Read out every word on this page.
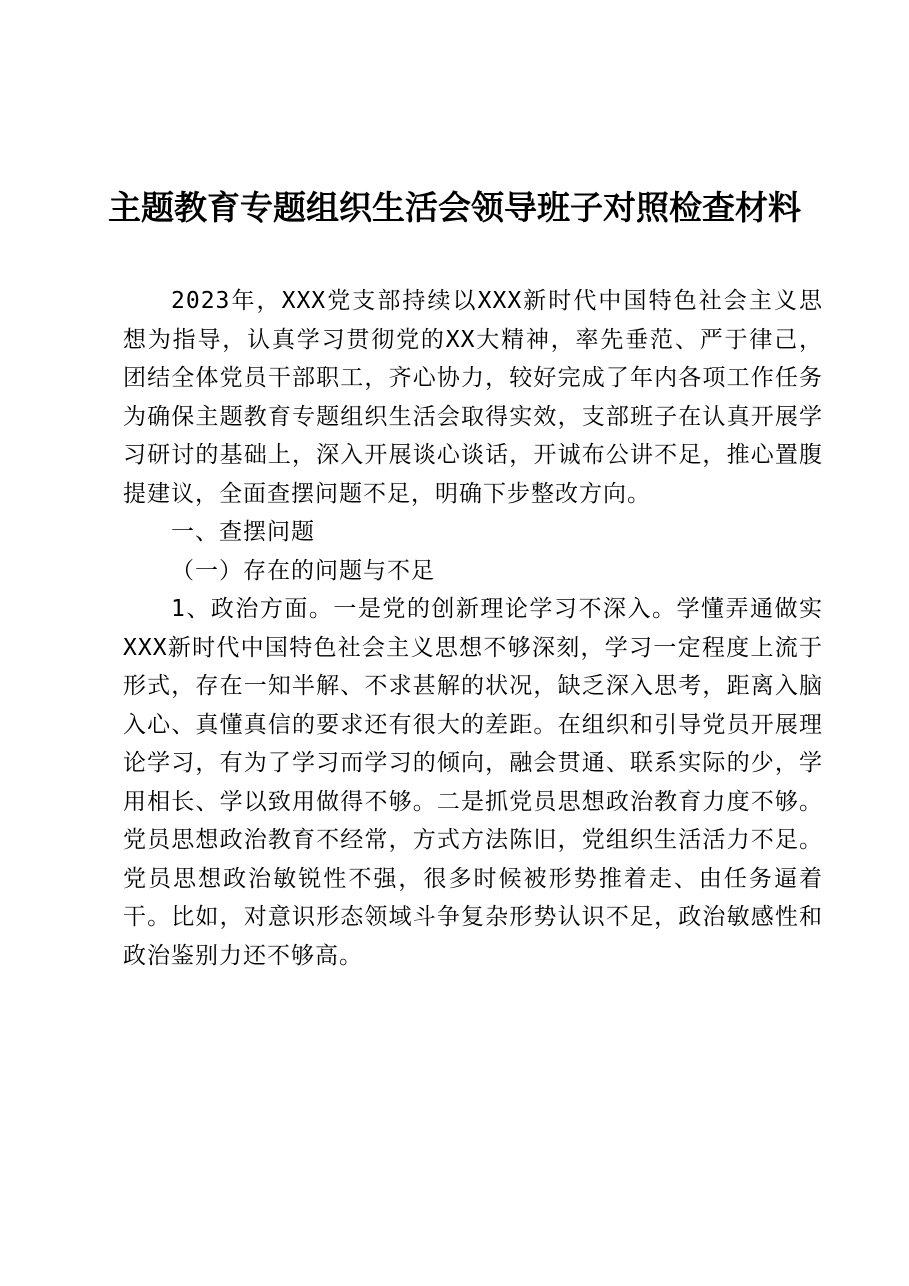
主题教育专题组织生活会领导班子对照检查材料

2023年，XXX党支部持续以XXX新时代中国特色社会主义思想为指导，认真学习贯彻党的XX大精神，率先垂范、严于律己，团结全体党员干部职工，齐心协力，较好完成了年内各项工作任务为确保主题教育专题组织生活会取得实效，支部班子在认真开展学习研讨的基础上，深入开展谈心谈话，开诚布公讲不足，推心置腹提建议，全面查摆问题不足，明确下步整改方向。

一、查摆问题

（一）存在的问题与不足

1、政治方面。一是党的创新理论学习不深入。学懂弄通做实XXX新时代中国特色社会主义思想不够深刻，学习一定程度上流于形式，存在一知半解、不求甚解的状况，缺乏深入思考，距离入脑入心、真懂真信的要求还有很大的差距。在组织和引导党员开展理论学习，有为了学习而学习的倾向，融会贯通、联系实际的少，学用相长、学以致用做得不够。二是抓党员思想政治教育力度不够。党员思想政治教育不经常，方式方法陈旧，党组织生活活力不足。党员思想政治敏锐性不强，很多时候被形势推着走、由任务逼着干。比如，对意识形态领域斗争复杂形势认识不足，政治敏感性和政治鉴别力还不够高。
